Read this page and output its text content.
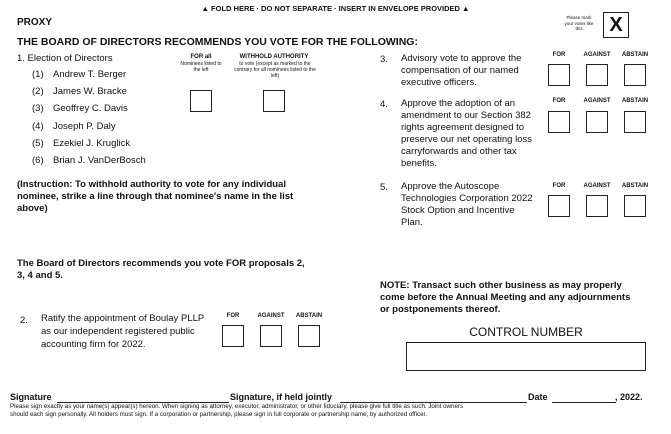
▲ FOLD HERE · DO NOT SEPARATE · INSERT IN ENVELOPE PROVIDED ▲
PROXY	Please mark your votes like this	X
THE BOARD OF DIRECTORS RECOMMENDS YOU VOTE FOR THE FOLLOWING:
1. Election of Directors	FOR all
Nominees listed to the left
WITHHOLD AUTHORITY
to vote (except as marked to the contrary for all nominees listed to the left)
(1) Andrew T. Berger
(2) James W. Bracke
(3) Geoffrey C. Davis
(4) Joseph P. Daly
(5) Ezekiel J. Kruglick
(6) Brian J. VanDerBosch
(Instruction: To withhold authority to vote for any individual
nominee, strike a line through that nominee's name in the list
above)
The Board of Directors recommends you vote FOR proposals 2,
3, 4 and 5.
2. Ratify the appointment of Boulay PLLP
as our independent registered public
accounting firm for 2022.
FOR	AGAINST	ABSTAIN
3. Advisory vote to approve the
compensation of our named
executive officers.
FOR	AGAINST	ABSTAIN
4. Approve the adoption of an
amendment to our Section 382
rights agreement designed to
preserve our net operating loss
carryforwards and other tax
benefits.
FOR	AGAINST	ABSTAIN
5. Approve the Autoscope
Technologies Corporation 2022
Stock Option and Incentive
Plan.
FOR	AGAINST	ABSTAIN
NOTE: Transact such other business as may properly
come before the Annual Meeting and any adjournments
or postponements thereof.
CONTROL NUMBER
Signature	Signature, if held jointly	Date	, 2022.
Please sign exactly as your name(s) appear(s) hereon. When signing as attorney, executor, administrator, or other fiduciary, please give full title as such. Joint owners
should each sign personally. All holders must sign. If a corporation or partnership, please sign in full corporate or partnership name, by authorized officer.
